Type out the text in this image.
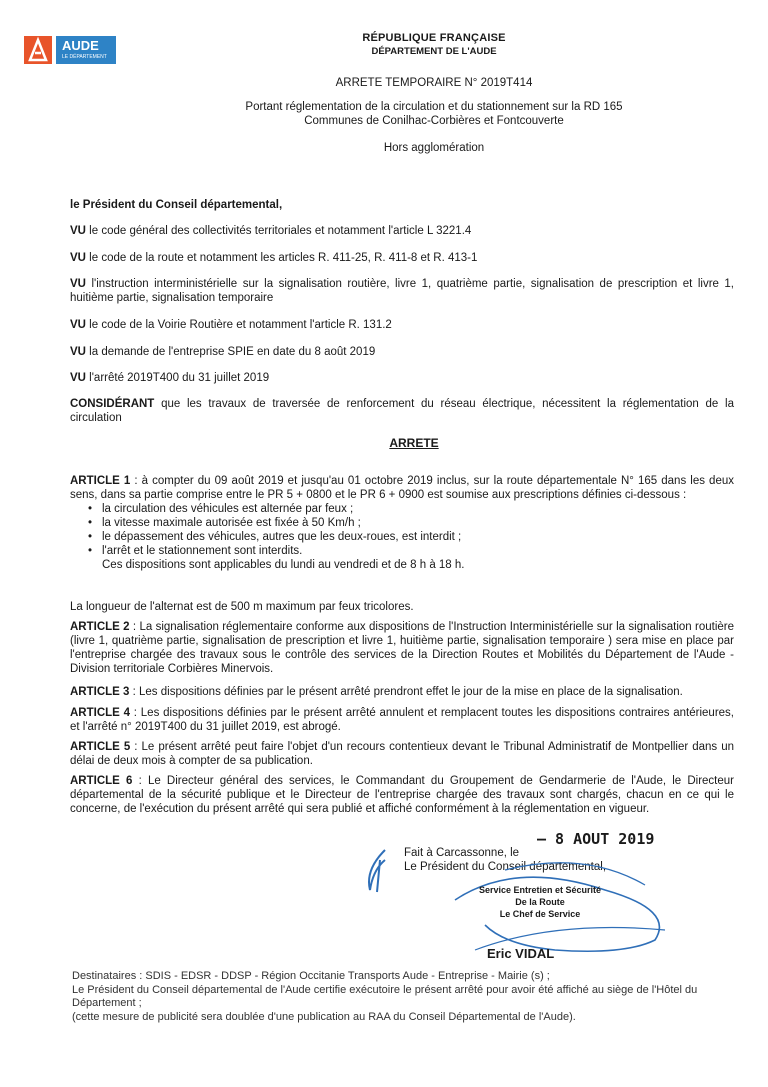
AUDE
LE DÉPARTEMENT
RÉPUBLIQUE FRANÇAISE
DÉPARTEMENT DE L'AUDE
ARRETE TEMPORAIRE N° 2019T414
Portant réglementation de la circulation et du stationnement sur la RD 165
Communes de Conilhac-Corbières et Fontcouverte
Hors agglomération
le Président du Conseil départemental,
VU le code général des collectivités territoriales et notamment l'article L 3221.4
VU le code de la route et notamment les articles R. 411-25, R. 411-8 et R. 413-1
VU l'instruction interministérielle sur la signalisation routière, livre 1, quatrième partie, signalisation de prescription et livre 1, huitième partie, signalisation temporaire
VU le code de la Voirie Routière et notamment l'article R. 131.2
VU la demande de l'entreprise SPIE en date du 8 août 2019
VU l'arrêté 2019T400 du 31 juillet 2019
CONSIDÉRANT que les travaux de traversée de renforcement du réseau électrique, nécessitent la réglementation de la circulation
ARRETE
ARTICLE 1 : à compter du 09 août 2019 et jusqu'au 01 octobre 2019 inclus, sur la route départementale N° 165 dans les deux sens, dans sa partie comprise entre le PR 5 + 0800 et le PR 6 + 0900 est soumise aux prescriptions définies ci-dessous :
• la circulation des véhicules est alternée par feux ;
• la vitesse maximale autorisée est fixée à 50 Km/h ;
• le dépassement des véhicules, autres que les deux-roues, est interdit ;
• l'arrêt et le stationnement sont interdits.
Ces dispositions sont applicables du lundi au vendredi et de 8 h à 18 h.
La longueur de l'alternat est de 500 m maximum par feux tricolores.
ARTICLE 2 : La signalisation réglementaire conforme aux dispositions de l'Instruction Interministérielle sur la signalisation routière (livre 1, quatrième partie, signalisation de prescription et livre 1, huitième partie, signalisation temporaire ) sera mise en place par l'entreprise chargée des travaux sous le contrôle des services de la Direction Routes et Mobilités du Département de l'Aude - Division territoriale Corbières Minervois.
ARTICLE 3 : Les dispositions définies par le présent arrêté prendront effet le jour de la mise en place de la signalisation.
ARTICLE 4 : Les dispositions définies par le présent arrêté annulent et remplacent toutes les dispositions contraires antérieures, et l'arrêté n° 2019T400 du 31 juillet 2019, est abrogé.
ARTICLE 5 : Le présent arrêté peut faire l'objet d'un recours contentieux devant le Tribunal Administratif de Montpellier dans un délai de deux mois à compter de sa publication.
ARTICLE 6 : Le Directeur général des services, le Commandant du Groupement de Gendarmerie de l'Aude, le Directeur départemental de la sécurité publique et le Directeur de l'entreprise chargée des travaux sont chargés, chacun en ce qui le concerne, de l'exécution du présent arrêté qui sera publié et affiché conformément à la réglementation en vigueur.
– 8 AOUT 2019
Fait à Carcassonne, le
Le Président du Conseil départemental,
Service Entretien et Sécurité
De la Route
Le Chef de Service
Eric VIDAL
Destinataires : SDIS - EDSR - DDSP - Région Occitanie Transports Aude - Entreprise - Mairie (s) ;
Le Président du Conseil départemental de l'Aude certifie exécutoire le présent arrêté pour avoir été affiché au siège de l'Hôtel du Département ;
(cette mesure de publicité sera doublée d'une publication au RAA du Conseil Départemental de l'Aude).
